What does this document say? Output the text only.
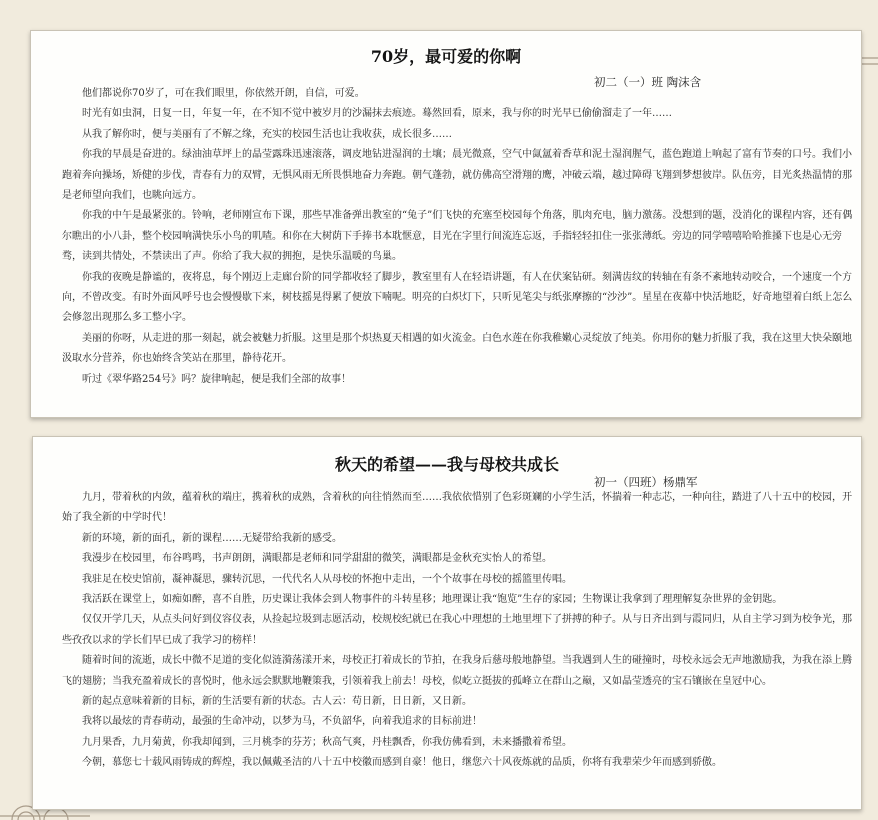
70岁，最可爱的你啊
初二（一）班 陶沫含

他们都说你70岁了，可在我们眼里，你依然开朗，自信，可爱。

时光有如虫洞，日复一日，年复一年，在不知不觉中被岁月的沙漏抹去痕迹。蓦然回看，原来，我与你的时光早已偷偷溜走了一年……

从我了解你时，便与美丽有了不解之缘，充实的校园生活也让我收获，成长很多……

你我的早晨是奋进的。绿油油草坪上的晶莹露珠迅速滚落，调皮地钻进湿润的土壤；晨光微熹，空气中氤氲着香草和泥土湿润腥气，蓝色跑道上响起了富有节奏的口号。我们小跑着奔向操场，矫健的步伐，青春有力的双臂，无惧风雨无所畏惧地奋力奔跑。朝气蓬勃，就仿佛高空滑翔的鹰，冲破云端，越过障碍飞翔到梦想彼岸。队伍旁，目光炙热温情的那是老师望向我们，也眺向远方。

你我的中午是最紧张的。铃响，老师刚宣布下课，那些早准备弹出教室的“兔子”们飞快的充塞至校园每个角落，肌肉充电，脑力激荡。没想到的题，没消化的课程内容，还有偶尔瞧出的小八卦，整个校园响满快乐小鸟的叽喳。和你在大树荫下手捧书本耽惬意，目光在字里行间流连忘返，手指轻轻扣住一张张薄纸。旁边的同学嘻嘻哈哈推搡下也是心无旁骛，读到共情处，不禁读出了声。你给了我大叔的拥抱，是快乐温暖的鸟巢。

你我的夜晚是静谧的，夜将息，每个刚迈上走廊台阶的同学都收轻了脚步，教室里有人在轻语讲题，有人在伏案钻研。刻满齿纹的转轴在有条不紊地转动咬合，一个速度一个方向，不曾改变。有时外面风呼号也会慢慢歇下来，树枝摇晃得累了便放下喃呢。明亮的白炽灯下，只听见笔尖与纸张摩擦的“沙沙”。星星在夜幕中快活地眨，好奇地望着白纸上怎么会修忽出现那么多工整小字。

美丽的你呀，从走进的那一刻起，就会被魅力折服。这里是那个炽热夏天相遇的如火流金。白色水莲在你我稚嫩心灵绽放了纯美。你用你的魅力折服了我，我在这里大快朵颐地汲取水分营养，你也始终含笑站在那里，静待花开。

听过《翠华路254号》吗？旋律响起，便是我们全部的故事！

秋天的希望——我与母校共成长
初一（四班）杨鼎军

九月，带着秋的内敛，蕴着秋的端庄，携着秋的成熟，含着秋的向往悄然而至……我依依惜别了色彩斑斓的小学生活，怀揣着一种志芯，一种向往，踏进了八十五中的校园，开始了我全新的中学时代！

新的环境，新的面孔，新的课程……无疑带给我新的感受。

我漫步在校园里，布谷鸣鸣，书声朗朗，满眼都是老师和同学甜甜的微笑，满眼都是金秋充实怡人的希望。

我驻足在校史馆前，凝神凝思，骤转沉思，一代代名人从母校的怀抱中走出，一个个故事在母校的摇篮里传唱。

我活跃在课堂上，如痴如醉，喜不自胜，历史课让我体会到人物事件的斗转星移；地理课让我“饱览”生存的家园；生物课让我拿到了理理解复杂世界的金钥匙。

仅仅开学几天，从点头问好到仪容仪表，从捡起垃圾到志愿活动，校规校纪就已在我心中理想的土地里埋下了拼搏的种子。从与日齐出到与霞同归，从自主学习到为校争光，那些孜孜以求的学长们早已成了我学习的榜样！

随着时间的流逝，成长中微不足道的变化似涟漪荡漾开来，母校正打着成长的节拍，在我身后慈母般地静望。当我遇到人生的碰撞时，母校永远会无声地激励我，为我在添上腾飞的翅膀；当我充盈着成长的喜悦时，他永远会默默地鞭策我，引领着我上前去！母校，似屹立挺拔的孤峰立在群山之巅，又如晶莹透亮的宝石镶嵌在皇冠中心。

新的起点意味着新的目标，新的生活要有新的状态。古人云：苟日新，日日新，又日新。

我将以最炫的青春萌动，最强的生命冲动，以梦为马，不负韶华，向着我追求的目标前进！

九月果香，九月菊黄，你我却闻到，三月桃李的芬芳；秋高气爽，丹桂飘香，你我仿佛看到，未来播撒着希望。

今朝，慕您七十载风雨铸成的辉煌，我以佩戴圣洁的八十五中校徽而感到自豪！他日，继您六十风夜炼就的品质，你将有我辈荣少年而感到骄傲。
